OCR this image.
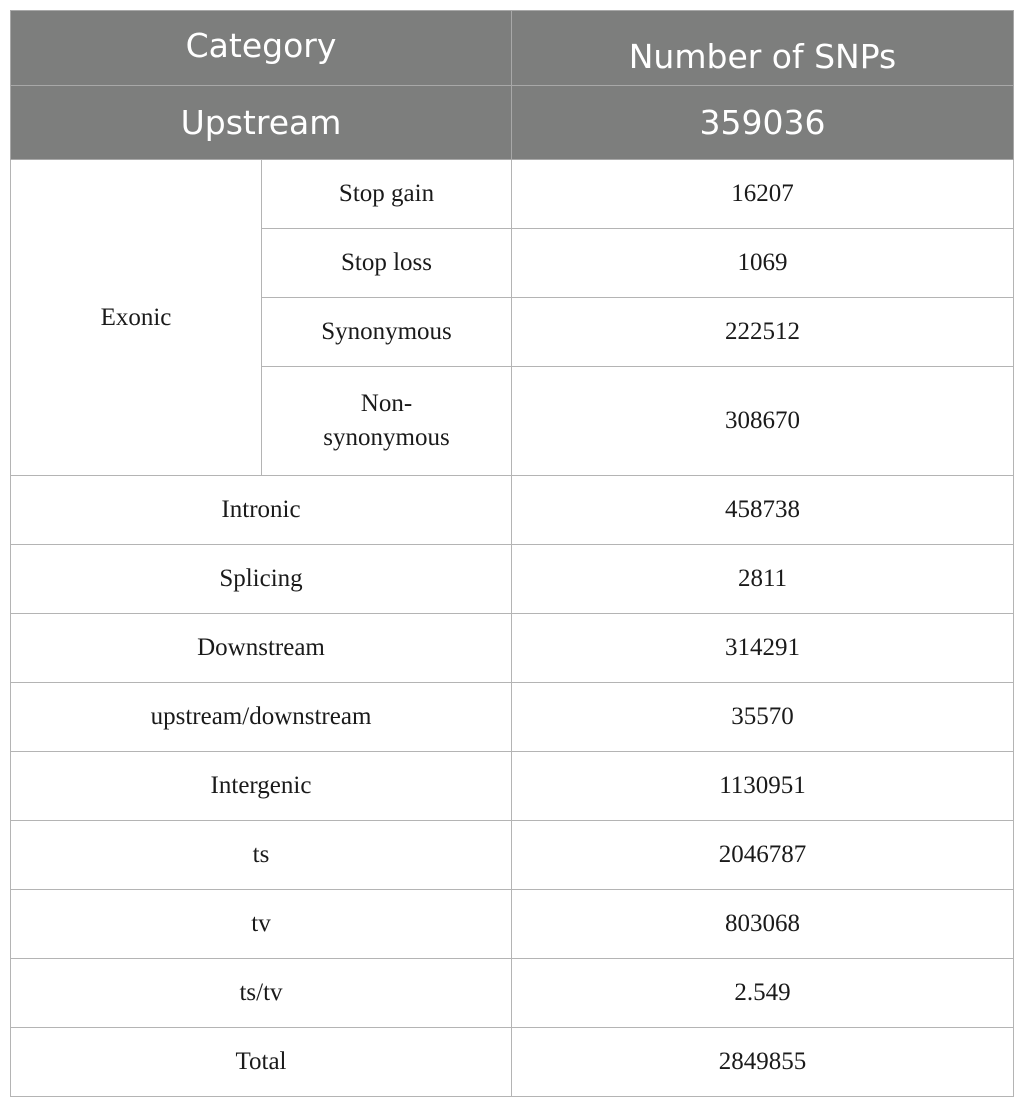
Category		Number of SNPs
Upstream		359036
Exonic	Stop gain	16207
	Stop loss	1069
	Synonymous	222512
	Non-
synonymous	308670
Intronic		458738
Splicing		2811
Downstream		314291
upstream/downstream		35570
Intergenic		1130951
ts		2046787
tv		803068
ts/tv		2.549
Total		2849855
